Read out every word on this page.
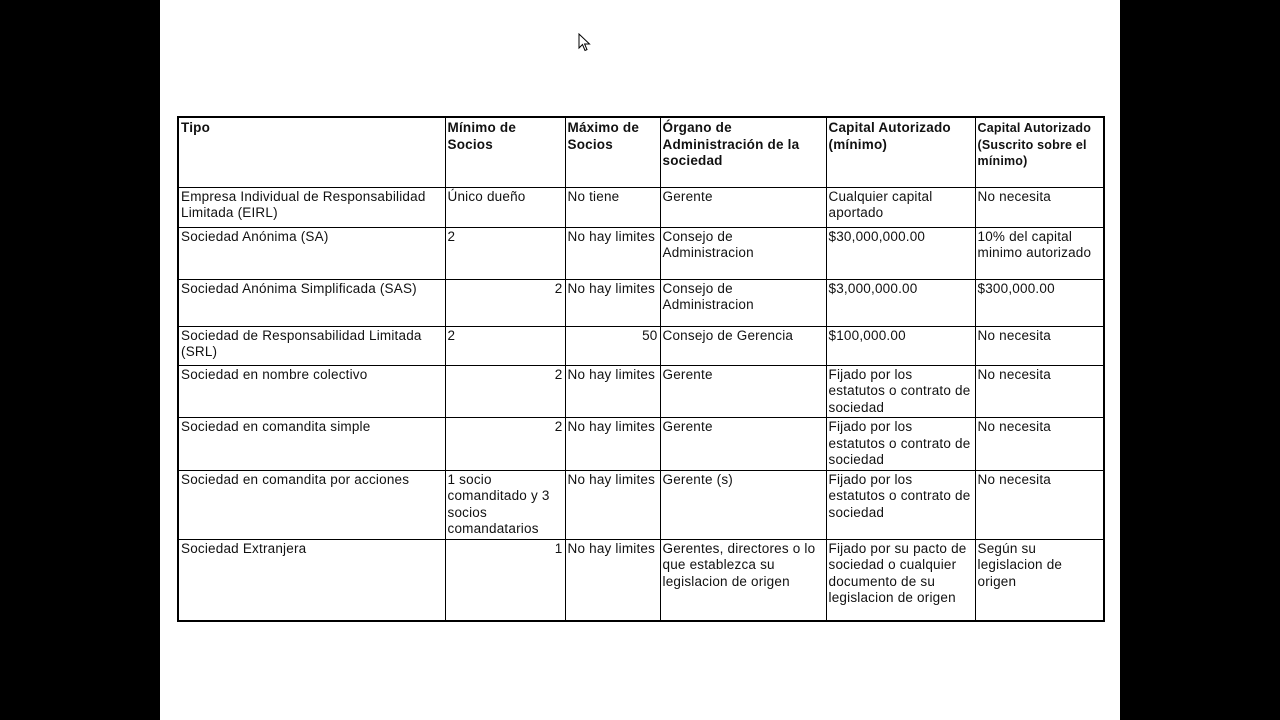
Tipo	Mínimo de Socios	Máximo de Socios	Órgano de Administración de la sociedad	Capital Autorizado (mínimo)	Capital Autorizado (Suscrito sobre el mínimo)
Empresa Individual de Responsabilidad Limitada (EIRL)	Único dueño	No tiene	Gerente	Cualquier capital aportado	No necesita
Sociedad Anónima (SA)	2	No hay limites	Consejo de Administracion	$30,000,000.00	10% del capital minimo autorizado
Sociedad Anónima Simplificada (SAS)	2	No hay limites	Consejo de Administracion	$3,000,000.00	$300,000.00
Sociedad de Responsabilidad Limitada (SRL)	2	50	Consejo de Gerencia	$100,000.00	No necesita
Sociedad en nombre colectivo	2	No hay limites	Gerente	Fijado por los estatutos o contrato de sociedad	No necesita
Sociedad en comandita simple	2	No hay limites	Gerente	Fijado por los estatutos o contrato de sociedad	No necesita
Sociedad en comandita por acciones	1 socio comanditado y 3 socios comandatarios	No hay limites	Gerente (s)	Fijado por los estatutos o contrato de sociedad	No necesita
Sociedad Extranjera	1	No hay limites	Gerentes, directores o lo que establezca su legislacion de origen	Fijado por su pacto de sociedad o cualquier documento de su legislacion de origen	Según su legislacion de origen
